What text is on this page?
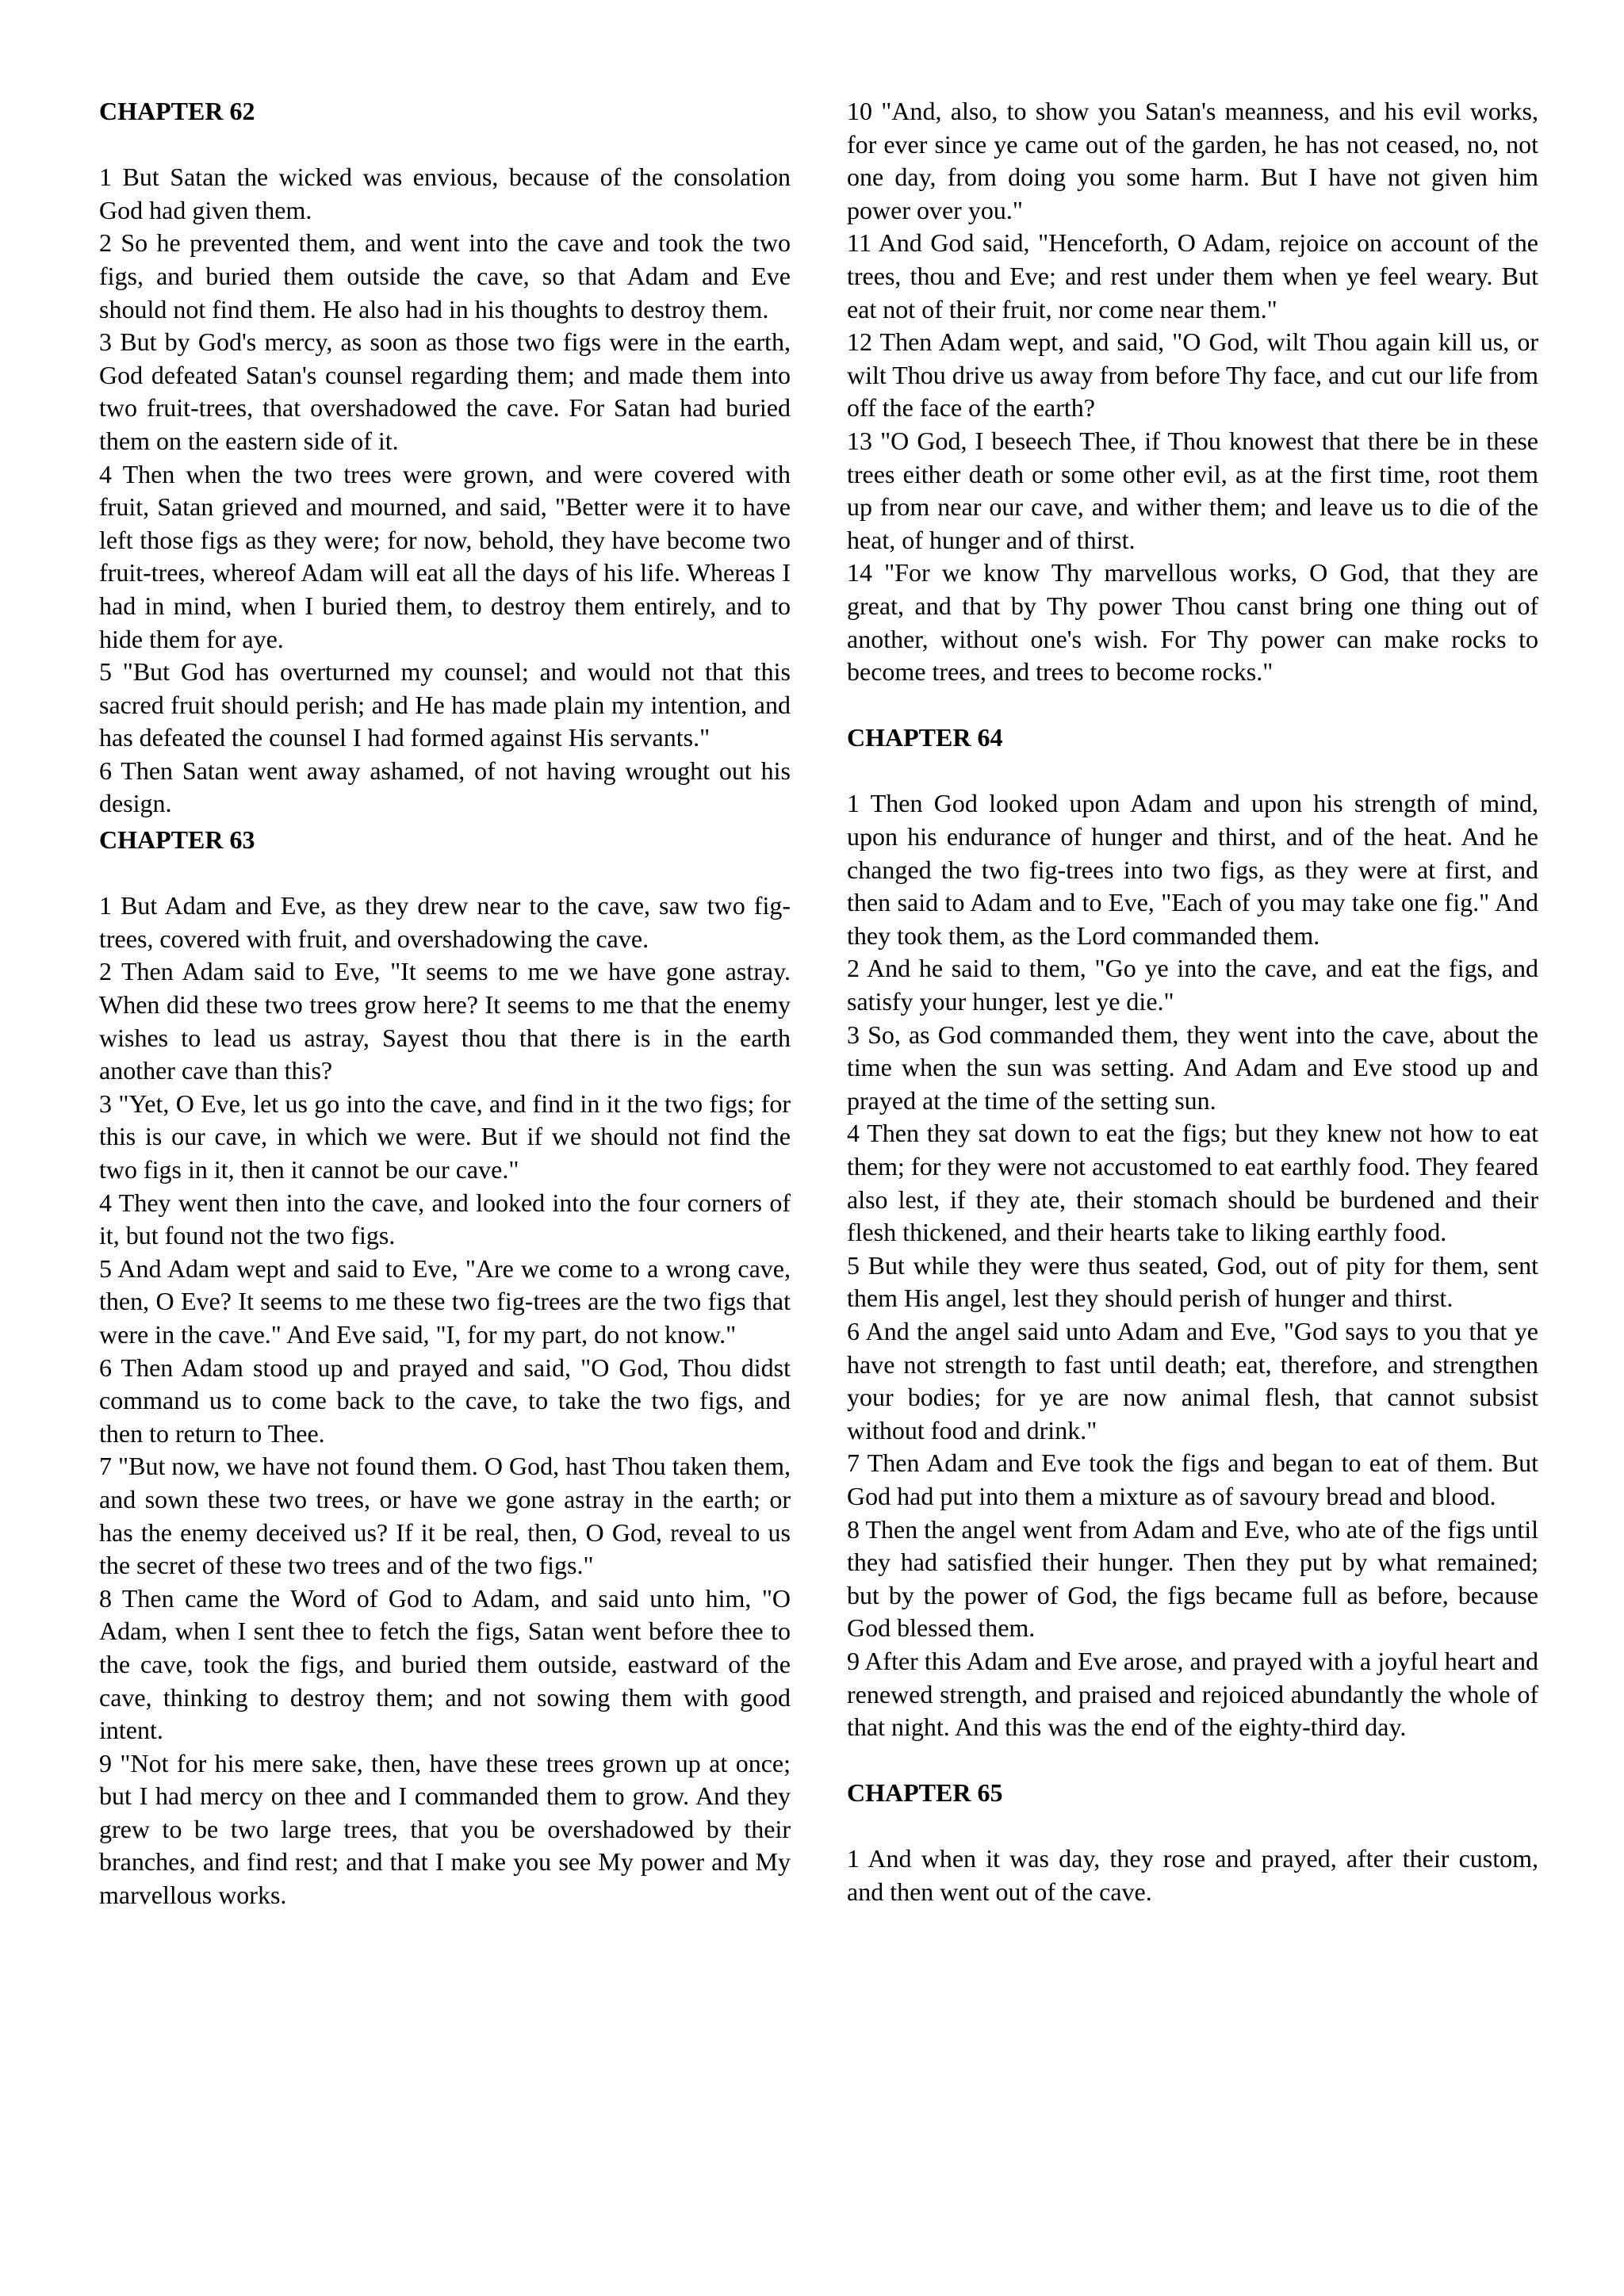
CHAPTER 62

1 But Satan the wicked was envious, because of the consolation God had given them.

2 So he prevented them, and went into the cave and took the two figs, and buried them outside the cave, so that Adam and Eve should not find them. He also had in his thoughts to destroy them.

3 But by God's mercy, as soon as those two figs were in the earth, God defeated Satan's counsel regarding them; and made them into two fruit-trees, that overshadowed the cave. For Satan had buried them on the eastern side of it.

4 Then when the two trees were grown, and were covered with fruit, Satan grieved and mourned, and said, "Better were it to have left those figs as they were; for now, behold, they have become two fruit-trees, whereof Adam will eat all the days of his life. Whereas I had in mind, when I buried them, to destroy them entirely, and to hide them for aye.

5 "But God has overturned my counsel; and would not that this sacred fruit should perish; and He has made plain my intention, and has defeated the counsel I had formed against His servants."

6 Then Satan went away ashamed, of not having wrought out his design.

CHAPTER 63

1 But Adam and Eve, as they drew near to the cave, saw two fig-trees, covered with fruit, and overshadowing the cave.

2 Then Adam said to Eve, "It seems to me we have gone astray. When did these two trees grow here? It seems to me that the enemy wishes to lead us astray, Sayest thou that there is in the earth another cave than this?

3 "Yet, O Eve, let us go into the cave, and find in it the two figs; for this is our cave, in which we were. But if we should not find the two figs in it, then it cannot be our cave."

4 They went then into the cave, and looked into the four corners of it, but found not the two figs.

5 And Adam wept and said to Eve, "Are we come to a wrong cave, then, O Eve? It seems to me these two fig-trees are the two figs that were in the cave." And Eve said, "I, for my part, do not know."

6 Then Adam stood up and prayed and said, "O God, Thou didst command us to come back to the cave, to take the two figs, and then to return to Thee.

7 "But now, we have not found them. O God, hast Thou taken them, and sown these two trees, or have we gone astray in the earth; or has the enemy deceived us? If it be real, then, O God, reveal to us the secret of these two trees and of the two figs."

8 Then came the Word of God to Adam, and said unto him, "O Adam, when I sent thee to fetch the figs, Satan went before thee to the cave, took the figs, and buried them outside, eastward of the cave, thinking to destroy them; and not sowing them with good intent.

9 "Not for his mere sake, then, have these trees grown up at once; but I had mercy on thee and I commanded them to grow. And they grew to be two large trees, that you be overshadowed by their branches, and find rest; and that I make you see My power and My marvellous works.

10 "And, also, to show you Satan's meanness, and his evil works, for ever since ye came out of the garden, he has not ceased, no, not one day, from doing you some harm. But I have not given him power over you."

11 And God said, "Henceforth, O Adam, rejoice on account of the trees, thou and Eve; and rest under them when ye feel weary. But eat not of their fruit, nor come near them."

12 Then Adam wept, and said, "O God, wilt Thou again kill us, or wilt Thou drive us away from before Thy face, and cut our life from off the face of the earth?

13 "O God, I beseech Thee, if Thou knowest that there be in these trees either death or some other evil, as at the first time, root them up from near our cave, and wither them; and leave us to die of the heat, of hunger and of thirst.

14 "For we know Thy marvellous works, O God, that they are great, and that by Thy power Thou canst bring one thing out of another, without one's wish. For Thy power can make rocks to become trees, and trees to become rocks."

CHAPTER 64

1 Then God looked upon Adam and upon his strength of mind, upon his endurance of hunger and thirst, and of the heat. And he changed the two fig-trees into two figs, as they were at first, and then said to Adam and to Eve, "Each of you may take one fig." And they took them, as the Lord commanded them.

2 And he said to them, "Go ye into the cave, and eat the figs, and satisfy your hunger, lest ye die."

3 So, as God commanded them, they went into the cave, about the time when the sun was setting. And Adam and Eve stood up and prayed at the time of the setting sun.

4 Then they sat down to eat the figs; but they knew not how to eat them; for they were not accustomed to eat earthly food. They feared also lest, if they ate, their stomach should be burdened and their flesh thickened, and their hearts take to liking earthly food.

5 But while they were thus seated, God, out of pity for them, sent them His angel, lest they should perish of hunger and thirst.

6 And the angel said unto Adam and Eve, "God says to you that ye have not strength to fast until death; eat, therefore, and strengthen your bodies; for ye are now animal flesh, that cannot subsist without food and drink."

7 Then Adam and Eve took the figs and began to eat of them. But God had put into them a mixture as of savoury bread and blood.

8 Then the angel went from Adam and Eve, who ate of the figs until they had satisfied their hunger. Then they put by what remained; but by the power of God, the figs became full as before, because God blessed them.

9 After this Adam and Eve arose, and prayed with a joyful heart and renewed strength, and praised and rejoiced abundantly the whole of that night. And this was the end of the eighty-third day.

CHAPTER 65

1 And when it was day, they rose and prayed, after their custom, and then went out of the cave.
